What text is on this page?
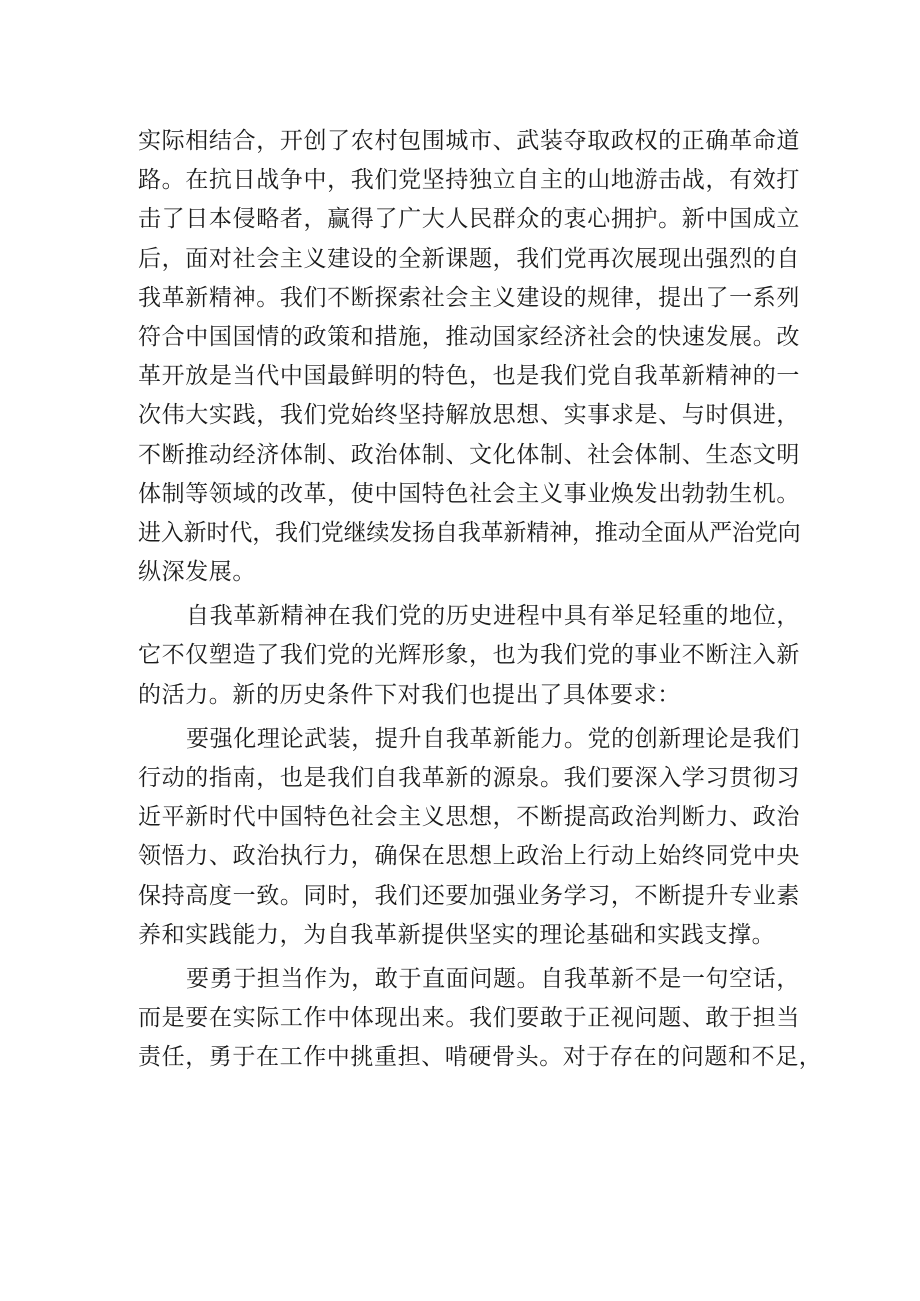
实际相结合，开创了农村包围城市、武装夺取政权的正确革命道
路。在抗日战争中，我们党坚持独立自主的山地游击战，有效打
击了日本侵略者，赢得了广大人民群众的衷心拥护。新中国成立
后，面对社会主义建设的全新课题，我们党再次展现出强烈的自
我革新精神。我们不断探索社会主义建设的规律，提出了一系列
符合中国国情的政策和措施，推动国家经济社会的快速发展。改
革开放是当代中国最鲜明的特色，也是我们党自我革新精神的一
次伟大实践，我们党始终坚持解放思想、实事求是、与时俱进，
不断推动经济体制、政治体制、文化体制、社会体制、生态文明
体制等领域的改革，使中国特色社会主义事业焕发出勃勃生机。
进入新时代，我们党继续发扬自我革新精神，推动全面从严治党向
纵深发展。
自我革新精神在我们党的历史进程中具有举足轻重的地位，
它不仅塑造了我们党的光辉形象，也为我们党的事业不断注入新
的活力。新的历史条件下对我们也提出了具体要求：
要强化理论武装，提升自我革新能力。党的创新理论是我们
行动的指南，也是我们自我革新的源泉。我们要深入学习贯彻习
近平新时代中国特色社会主义思想，不断提高政治判断力、政治
领悟力、政治执行力，确保在思想上政治上行动上始终同党中央
保持高度一致。同时，我们还要加强业务学习，不断提升专业素
养和实践能力，为自我革新提供坚实的理论基础和实践支撑。
要勇于担当作为，敢于直面问题。自我革新不是一句空话，
而是要在实际工作中体现出来。我们要敢于正视问题、敢于担当
责任，勇于在工作中挑重担、啃硬骨头。对于存在的问题和不足，
